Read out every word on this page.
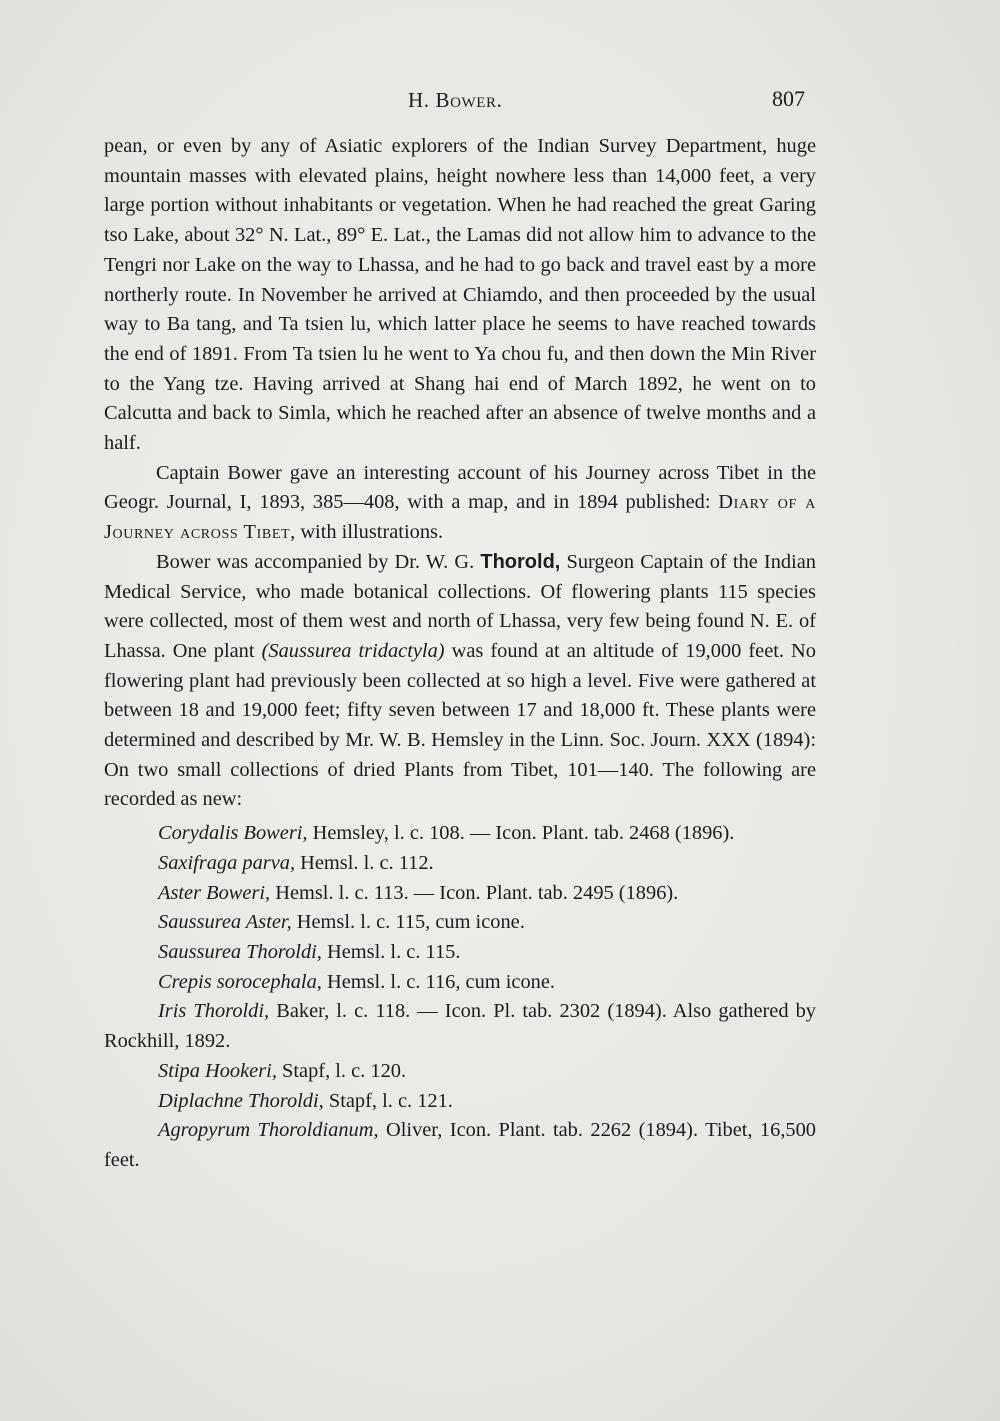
H. Bower.	807

pean, or even by any of Asiatic explorers of the Indian Survey Department, huge mountain masses with elevated plains, height nowhere less than 14,000 feet, a very large portion without inhabitants or vegetation. When he had reached the great Garing tso Lake, about 32° N. Lat., 89° E. Lat., the Lamas did not allow him to advance to the Tengri nor Lake on the way to Lhassa, and he had to go back and travel east by a more northerly route. In November he arrived at Chiamdo, and then proceeded by the usual way to Ba tang, and Ta tsien lu, which latter place he seems to have reached towards the end of 1891. From Ta tsien lu he went to Ya chou fu, and then down the Min River to the Yang tze. Having arrived at Shang hai end of March 1892, he went on to Calcutta and back to Simla, which he reached after an absence of twelve months and a half.

Captain Bower gave an interesting account of his Journey across Tibet in the Geogr. Journal, I, 1893, 385—408, with a map, and in 1894 published: Diary of a Journey across Tibet, with illustrations.

Bower was accompanied by Dr. W. G. Thorold, Surgeon Captain of the Indian Medical Service, who made botanical collections. Of flowering plants 115 species were collected, most of them west and north of Lhassa, very few being found N. E. of Lhassa. One plant (Saussurea tridactyla) was found at an altitude of 19,000 feet. No flowering plant had previously been collected at so high a level. Five were gathered at between 18 and 19,000 feet; fifty seven between 17 and 18,000 ft. These plants were determined and described by Mr. W. B. Hemsley in the Linn. Soc. Journ. XXX (1894): On two small collections of dried Plants from Tibet, 101—140. The following are recorded as new:

Corydalis Boweri, Hemsley, l. c. 108. — Icon. Plant. tab. 2468 (1896).

Saxifraga parva, Hemsl. l. c. 112.

Aster Boweri, Hemsl. l. c. 113. — Icon. Plant. tab. 2495 (1896).

Saussurea Aster, Hemsl. l. c. 115, cum icone.

Saussurea Thoroldi, Hemsl. l. c. 115.

Crepis sorocephala, Hemsl. l. c. 116, cum icone.

Iris Thoroldi, Baker, l. c. 118. — Icon. Pl. tab. 2302 (1894). Also gathered by Rockhill, 1892.

Stipa Hookeri, Stapf, l. c. 120.

Diplachne Thoroldi, Stapf, l. c. 121.

Agropyrum Thoroldianum, Oliver, Icon. Plant. tab. 2262 (1894). Tibet, 16,500 feet.
